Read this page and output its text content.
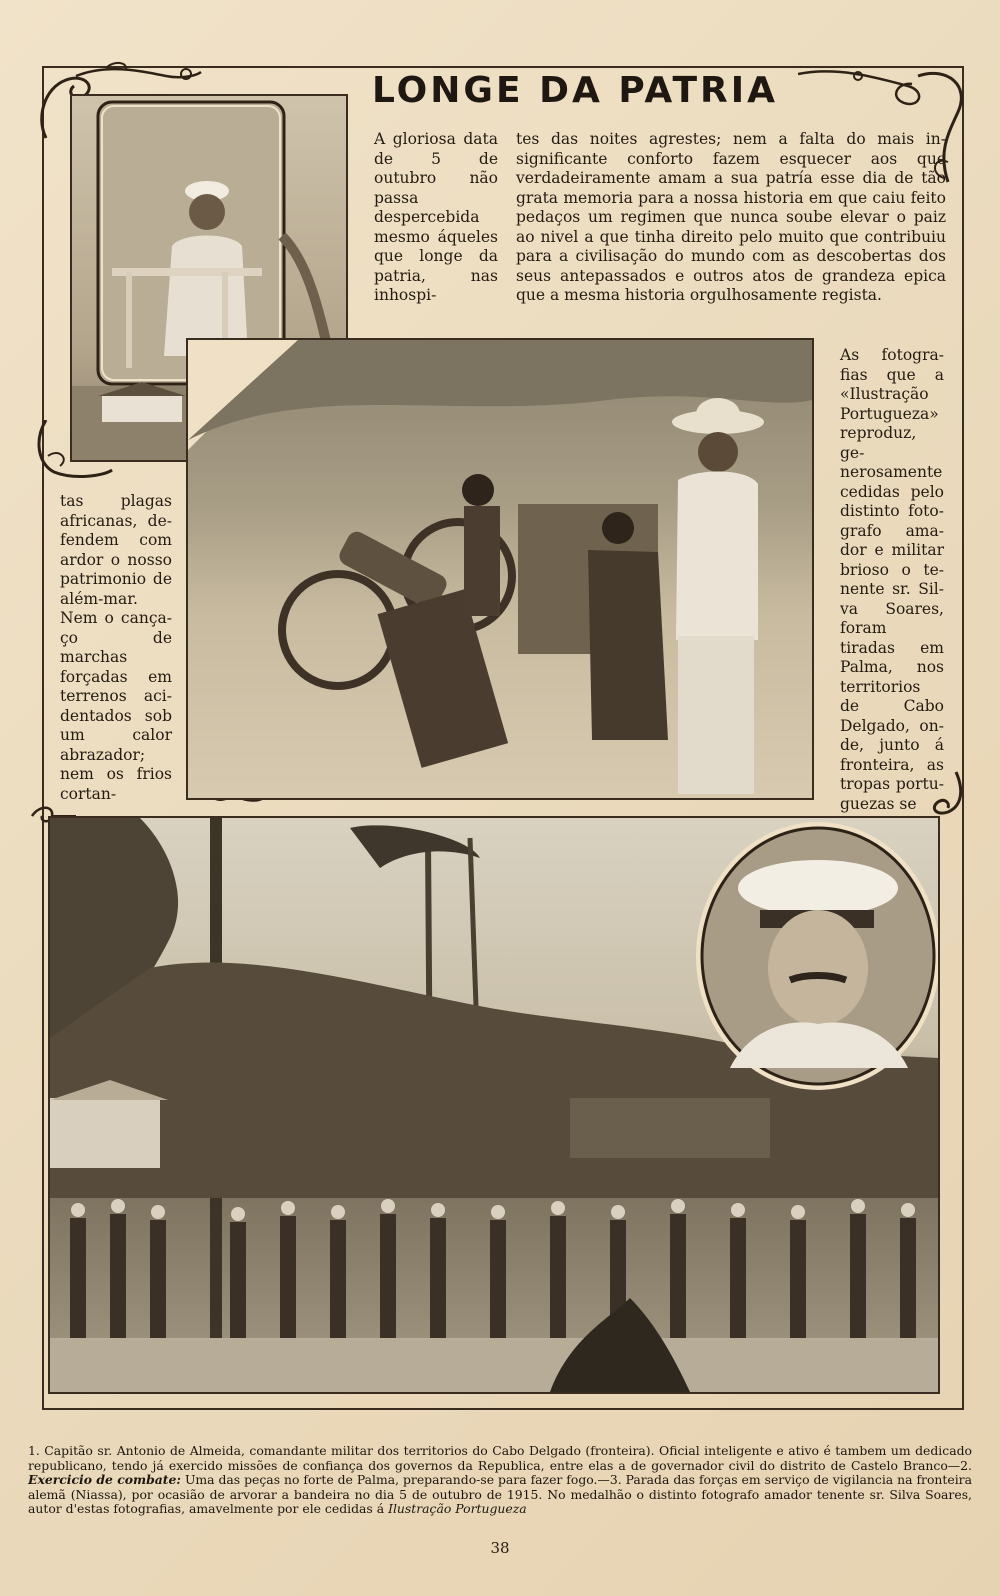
LONGE DA PATRIA

A gloriosa data de 5 de outubro não passa despercebida mesmo áqueles que longe da patria, nas inhospi-

tes das noites agrestes; nem a falta do mais insignificante conforto fazem esquecer aos que verdadeiramente amam a sua patría esse dia de tão grata memoria para a nossa historia em que caiu feito pedaços um regimen que nunca soube elevar o paiz ao nivel a que tinha direito pelo muito que contribuiu para a civilisação do mundo com as descobertas dos seus antepassados e outros atos de grandeza epica que a mesma historia orgulhosamente regista.

tas plagas africanas, defendem com ardor o nosso patrimonio de além-mar. Nem o cançaço de marchas forçadas em terrenos acidentados sob um calor abrazador; nem os frios cortan-

As fotografias que a «Ilustração Portugueza» reproduz, generosamente cedidas pelo distinto fotografo amador e militar brioso o tenente sr. Silva Soares, foram tiradas em Palma, nos territorios de Cabo Delgado, onde, junto á fronteira, as tropas portuguezas se

1. Capitão sr. Antonio de Almeida, comandante militar dos territorios do Cabo Delgado (fronteira). Oficial inteligente e ativo é tambem um dedicado republicano, tendo já exercido missões de confiança dos governos da Republica, entre elas a de governador civil do distrito de Castelo Branco—2. Exercicio de combate: Uma das peças no forte de Palma, preparando-se para fazer fogo.—3. Parada das forças em serviço de vigilancia na fronteira alemã (Niassa), por ocasião de arvorar a bandeira no dia 5 de outubro de 1915. No medalhão o distinto fotografo amador tenente sr. Silva Soares, autor d'estas fotografias, amavelmente por ele cedidas á Ilustração Portugueza
38
